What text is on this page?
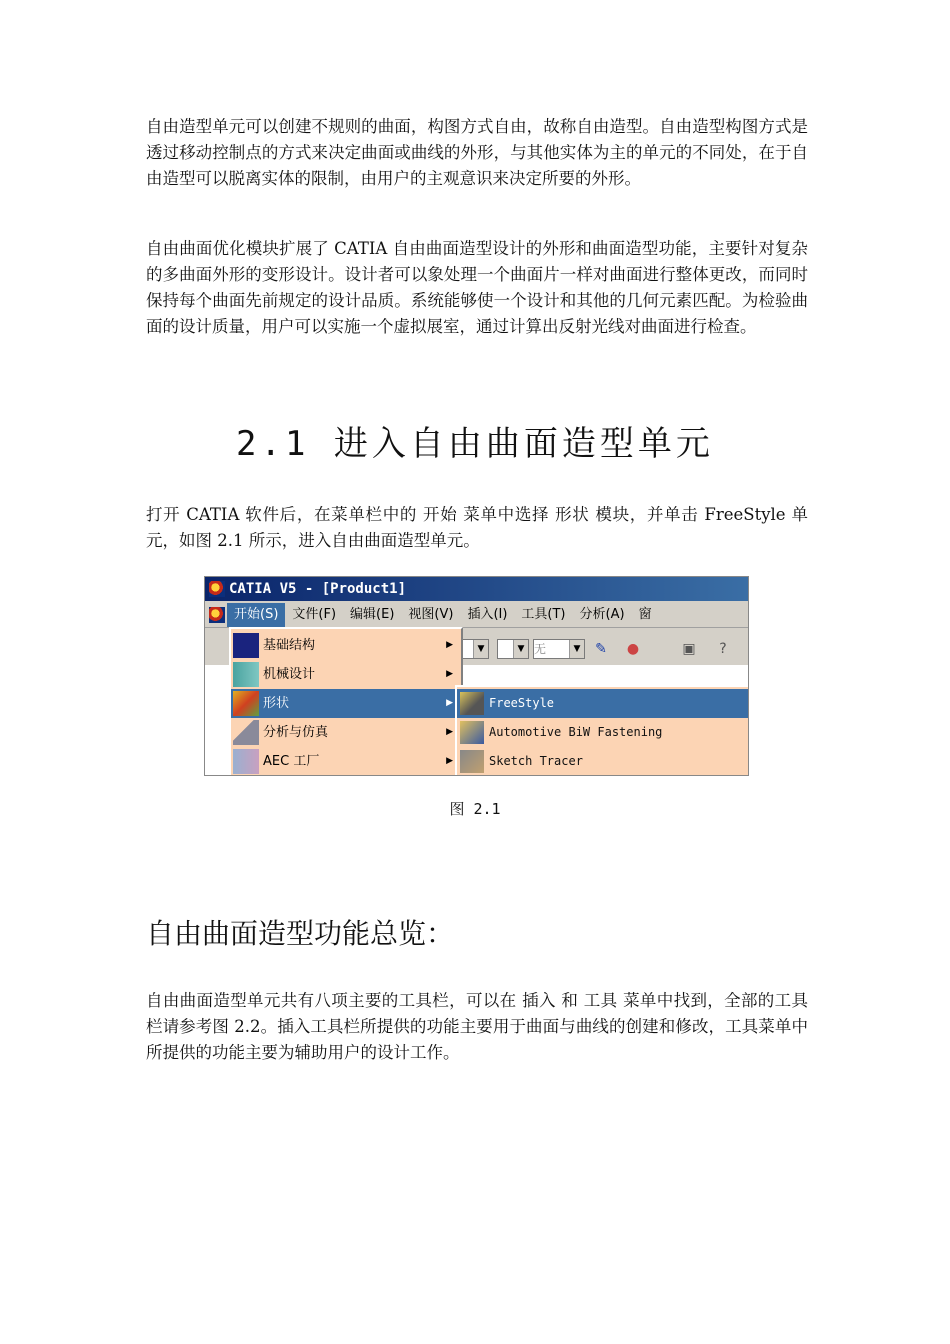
自由造型单元可以创建不规则的曲面，构图方式自由，故称自由造型。自由造型构图方式是透过移动控制点的方式来决定曲面或曲线的外形，与其他实体为主的单元的不同处，在于自由造型可以脱离实体的限制，由用户的主观意识来决定所要的外形。

自由曲面优化模块扩展了 CATIA 自由曲面造型设计的外形和曲面造型功能，主要针对复杂的多曲面外形的变形设计。设计者可以象处理一个曲面片一样对曲面进行整体更改，而同时保持每个曲面先前规定的设计品质。系统能够使一个设计和其他的几何元素匹配。为检验曲面的设计质量，用户可以实施一个虚拟展室，通过计算出反射光线对曲面进行检查。

2.1 进入自由曲面造型单元

打开 CATIA 软件后，在菜单栏中的 开始 菜单中选择 形状 模块，并单击 FreeStyle 单元，如图 2.1 所示，进入自由曲面造型单元。

CATIA V5 - [Product1]
开始(S) 文件(F) 编辑(E) 视图(V) 插入(I) 工具(T) 分析(A) 窗
▼	▼ 无	▼ ✎ ●	▣	?
基础结构	▶
机械设计	▶
形状	▶
分析与仿真	▶
AEC 工厂	▶
FreeStyle
Automotive BiW Fastening
Sketch Tracer
图 2.1
自由曲面造型功能总览：

自由曲面造型单元共有八项主要的工具栏，可以在 插入 和 工具 菜单中找到，全部的工具栏请参考图 2.2。插入工具栏所提供的功能主要用于曲面与曲线的创建和修改，工具菜单中所提供的功能主要为辅助用户的设计工作。
